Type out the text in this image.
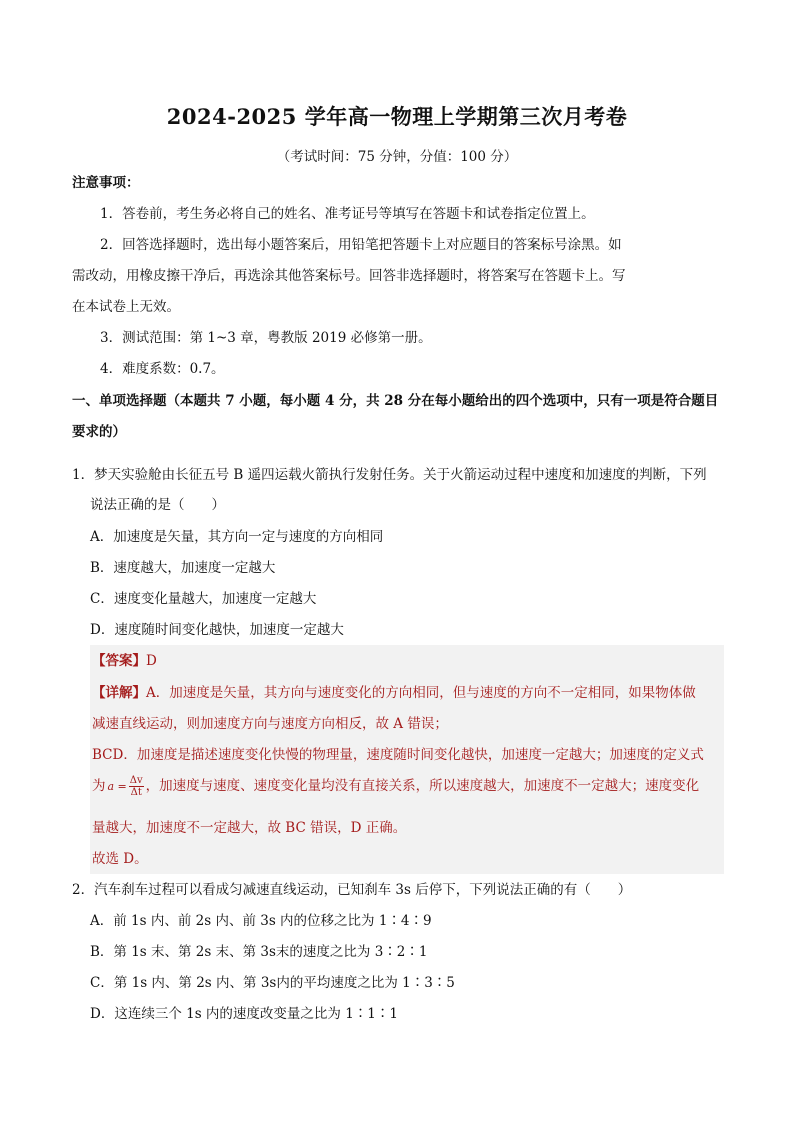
2024-2025 学年高一物理上学期第三次月考卷
（考试时间：75 分钟，分值：100 分）
注意事项：
1．答卷前，考生务必将自己的姓名、准考证号等填写在答题卡和试卷指定位置上。
2．回答选择题时，选出每小题答案后，用铅笔把答题卡上对应题目的答案标号涂黑。如
需改动，用橡皮擦干净后，再选涂其他答案标号。回答非选择题时，将答案写在答题卡上。写
在本试卷上无效。
3．测试范围：第 1~3 章，粤教版 2019 必修第一册。
4．难度系数：0.7。
一、单项选择题（本题共 7 小题，每小题 4 分，共 28 分在每小题给出的四个选项中，只有一项是符合题目
要求的）
1．梦天实验舱由长征五号 B 遥四运载火箭执行发射任务。关于火箭运动过程中速度和加速度的判断，下列
说法正确的是（　　）
A．加速度是矢量，其方向一定与速度的方向相同
B．速度越大，加速度一定越大
C．速度变化量越大，加速度一定越大
D．速度随时间变化越快，加速度一定越大
【答案】D
【详解】A．加速度是矢量，其方向与速度变化的方向相同，但与速度的方向不一定相同，如果物体做
减速直线运动，则加速度方向与速度方向相反，故 A 错误；
BCD．加速度是描述速度变化快慢的物理量，速度随时间变化越快，加速度一定越大；加速度的定义式
为 $a = \frac{\Delta v}{\Delta t}$ ，加速度与速度、速度变化量均没有直接关系，所以速度越大，加速度不一定越大；速度变化
量越大，加速度不一定越大，故 BC 错误，D 正确。
故选 D。
2．汽车刹车过程可以看成匀减速直线运动，已知刹车 3s 后停下，下列说法正确的有（　　）
A．前 1s 内、前 2s 内、前 3s 内的位移之比为 1∶4∶9
B．第 1s 末、第 2s 末、第 3s末的速度之比为 3∶2∶1
C．第 1s 内、第 2s 内、第 3s内的平均速度之比为 1∶3∶5
D．这连续三个 1s 内的速度改变量之比为 1∶1∶1
